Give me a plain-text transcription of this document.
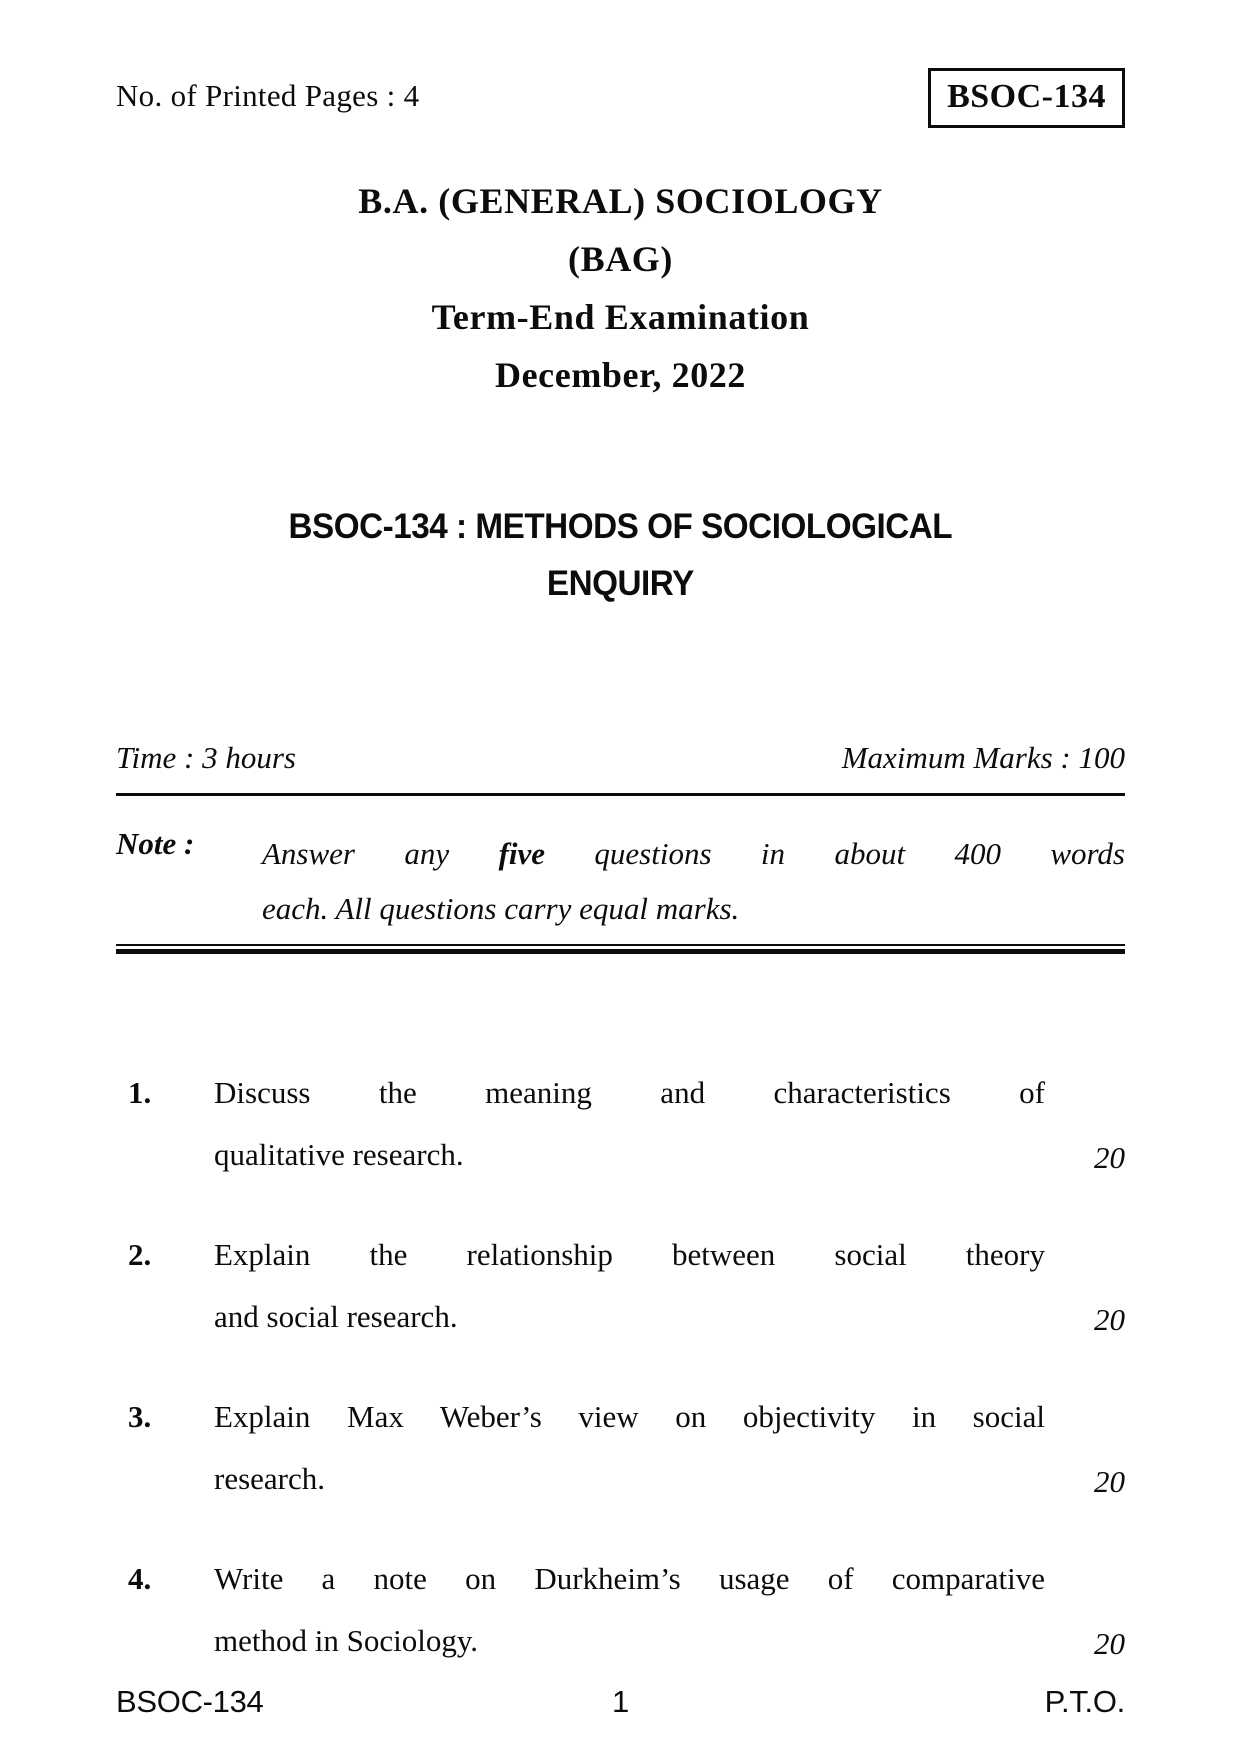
No. of Printed Pages : 4	BSOC-134
B.A. (GENERAL) SOCIOLOGY
(BAG)
Term-End Examination
December, 2022
BSOC-134 : METHODS OF SOCIOLOGICAL
ENQUIRY
Time : 3 hours	Maximum Marks : 100
Note :	Answer any five questions in about 400 words
each. All questions carry equal marks.
1.	Discuss the meaning and characteristics of
qualitative research.	20
2.	Explain the relationship between social theory
and social research.	20
3.	Explain Max Weber’s view on objectivity in social
research.	20
4.	Write a note on Durkheim’s usage of comparative
method in Sociology.	20
1
BSOC-134	P.T.O.
